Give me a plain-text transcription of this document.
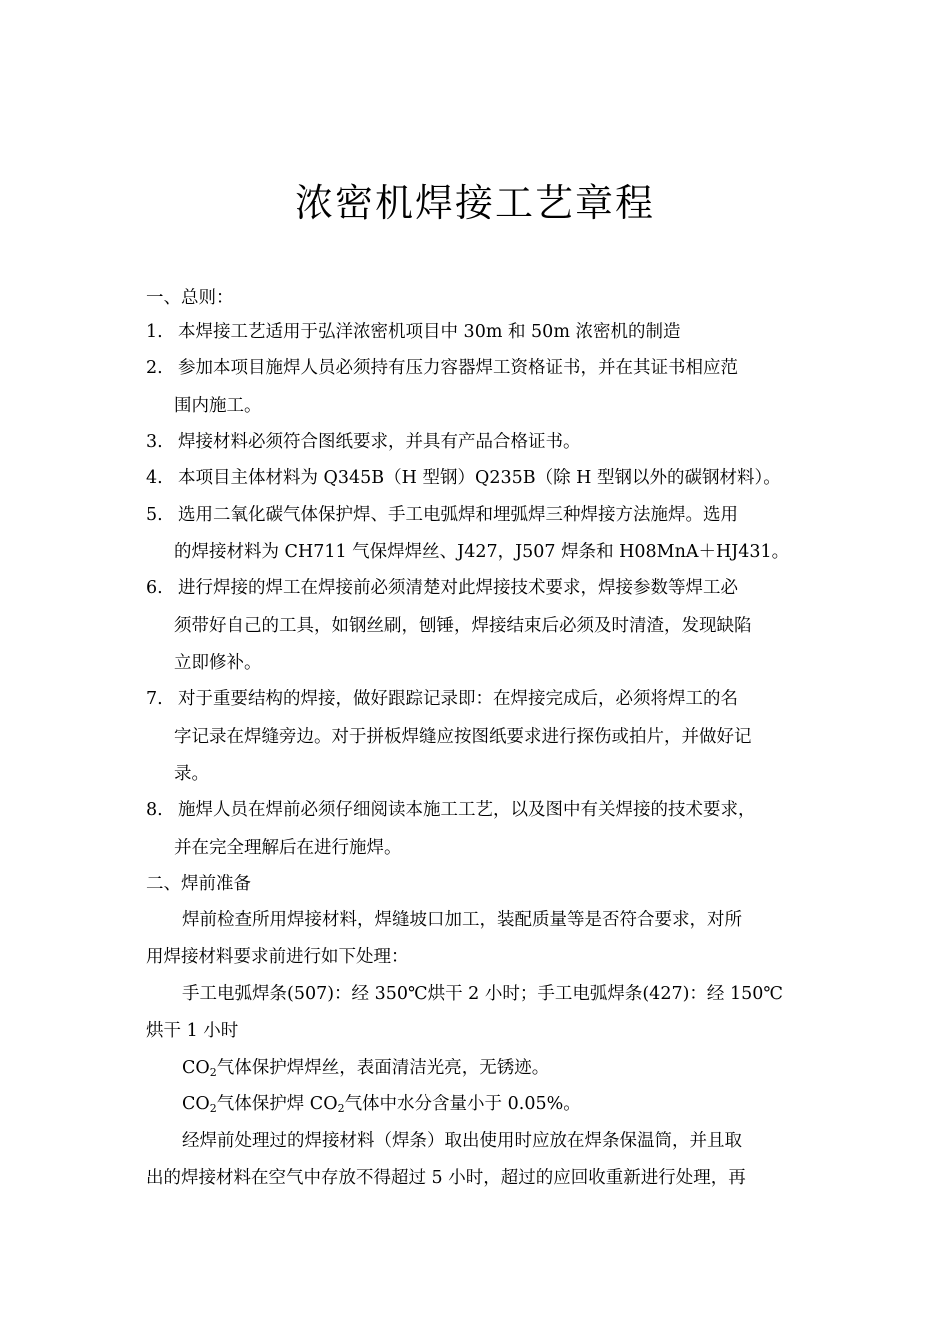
浓密机焊接工艺章程
一、总则：
1. 本焊接工艺适用于弘洋浓密机项目中 30m 和 50m 浓密机的制造
2. 参加本项目施焊人员必须持有压力容器焊工资格证书，并在其证书相应范
围内施工。
3. 焊接材料必须符合图纸要求，并具有产品合格证书。
4. 本项目主体材料为 Q345B（H 型钢）Q235B（除 H 型钢以外的碳钢材料）。
5. 选用二氧化碳气体保护焊、手工电弧焊和埋弧焊三种焊接方法施焊。选用
的焊接材料为 CH711 气保焊焊丝、J427，J507 焊条和 H08MnA＋HJ431。
6. 进行焊接的焊工在焊接前必须清楚对此焊接技术要求，焊接参数等焊工必
须带好自己的工具，如钢丝刷，刨锤，焊接结束后必须及时清渣，发现缺陷
立即修补。
7. 对于重要结构的焊接，做好跟踪记录即：在焊接完成后，必须将焊工的名
字记录在焊缝旁边。对于拼板焊缝应按图纸要求进行探伤或拍片，并做好记
录。
8. 施焊人员在焊前必须仔细阅读本施工工艺，以及图中有关焊接的技术要求，
并在完全理解后在进行施焊。
二、焊前准备
焊前检查所用焊接材料，焊缝坡口加工，装配质量等是否符合要求，对所
用焊接材料要求前进行如下处理：
手工电弧焊条(507)：经 350℃烘干 2 小时；手工电弧焊条(427)：经 150℃
烘干 1 小时
$CO_2$气体保护焊焊丝，表面清洁光亮，无锈迹。
$CO_2$气体保护焊 $CO_2$气体中水分含量小于 0.05%。
经焊前处理过的焊接材料（焊条）取出使用时应放在焊条保温筒，并且取
出的焊接材料在空气中存放不得超过 5 小时，超过的应回收重新进行处理，再
